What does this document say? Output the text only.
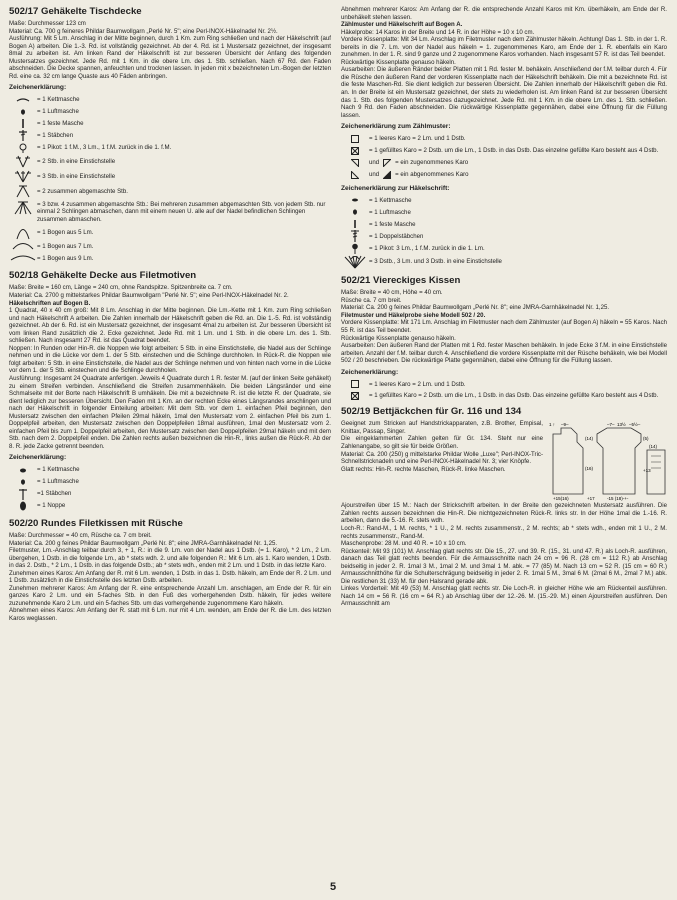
502/17 Gehäkelte Tischdecke

Maße: Durchmesser 123 cm

Material: Ca. 700 g feineres Phildar Baumwollgarn „Perlé Nr. 5"; eine Perl-INOX-Häkelnadel Nr. 2½.

Ausführung: Mit 5 Lm. Anschlag in der Mitte beginnen, durch 1 Km. zum Ring schließen und nach der Häkelschrift (auf Bogen A) arbeiten. Die 1.-3. Rd. ist vollständig gezeichnet. Ab der 4. Rd. ist 1 Mustersatz gezeichnet, der insgesamt 8mal zu arbeiten ist. Am linken Rand der Häkelschrift ist zur besseren Übersicht der Anfang des folgenden Mustersatzes gezeichnet. Jede Rd. mit 1 Km. in die obere Lm. des 1. Stb. schließen. Nach 67 Rd. den Faden abschneiden. Die Decke spannen, anfeuchten und trocknen lassen. In jeden mit x bezeichneten Lm.-Bogen der letzten Rd. eine ca. 32 cm lange Quaste aus 40 Fäden anbringen.

Zeichenerklärung:
= 1 Kettmasche
= 1 Luftmasche
= 1 feste Masche
= 1 Stäbchen
= 1 Pikot: 1 f.M., 3 Lm., 1 f.M. zurück in die 1. f.M.
= 2 Stb. in eine Einstichstelle
= 3 Stb. in eine Einstichstelle
= 2 zusammen abgemaschte Stb.
= 3 bzw. 4 zusammen abgemaschte Stb.: Bei mehreren zusammen abgemaschten Stb. von jedem Stb. nur einmal 2 Schlingen abmaschen, dann mit einem neuen U. alle auf der Nadel befindlichen Schlingen zusammen abmaschen.
= 1 Bogen aus 5 Lm.
= 1 Bogen aus 7 Lm.
= 1 Bogen aus 9 Lm.
502/18 Gehäkelte Decke aus Filetmotiven

Maße: Breite = 160 cm, Länge = 240 cm, ohne Randspitze. Spitzenbreite ca. 7 cm.

Material: Ca. 2700 g mittelstarkes Phildar Baumwollgarn "Perlé Nr. 5"; eine Perl-INOX-Häkelnadel Nr. 2.

Häkelschriften auf Bogen B.

1 Quadrat, 40 x 40 cm groß: Mit 8 Lm. Anschlag in der Mitte beginnen. Die Lm.-Kette mit 1 Km. zum Ring schließen und nach Häkelschrift A arbeiten. Die Zahlen innerhalb der Häkelschrift geben die Rd. an. Die 1.-5. Rd. ist vollständig gezeichnet. Ab der 6. Rd. ist ein Mustersatz gezeichnet, der insgesamt 4mal zu arbeiten ist. Zur besseren Übersicht ist vom linken Rand zusätzlich die 2. Ecke gezeichnet. Jede Rd. mit 1 Lm. und 1 Stb. in die obere Lm. des 1. Stb. schließen. Nach insgesamt 27 Rd. ist das Quadrat beendet.

Noppen: In Runden oder Hin-R. die Noppen wie folgt arbeiten: 5 Stb. in eine Einstichstelle, die Nadel aus der Schlinge nehmen und in die Lücke vor dem 1. der 5 Stb. einstechen und die Schlinge durchholen. In Rück-R. die Noppen wie folgt arbeiten: 5 Stb. in eine Einstichstelle, die Nadel aus der Schlinge nehmen und von hinten nach vorne in die Lücke vor dem 1. der 5 Stb. einstechen und die Schlinge durchholen.

Ausführung: Insgesamt 24 Quadrate anfertigen. Jeweils 4 Quadrate durch 1 R. fester M. (auf der linken Seite gehäkelt) zu einem Streifen verbinden. Anschließend die Streifen zusammenhäkeln. Die beiden Längsränder und eine Schmalseite mit der Borte nach Häkelschrift B umhäkeln. Die mit a bezeichnete R. ist die letzte R. der Quadrate, sie dient lediglich zur besseren Übersicht. Den Faden mit 1 Km. an der rechten Ecke eines Längsrandes anschlingen und nach der Häkelschrift in folgender Einteilung arbeiten: Mit dem Stb. vor dem 1. einfachen Pfeil beginnen, den Mustersatz zwischen den einfachen Pfeilen 29mal häkeln, 1mal den Mustersatz vom 2. einfachen Pfeil bis zum 1. Doppelpfeil arbeiten, den Mustersatz zwischen den Doppelpfeilen 18mal ausführen, 1mal den Mustersatz vom 2. einfachen Pfeil bis zum 1. Doppelpfeil arbeiten, den Mustersatz zwischen den Doppelpfeilen 29mal häkeln und mit dem Stb. nach dem 2. Doppelpfeil enden. Die Zahlen rechts außen bezeichnen die Hin-R., links außen die Rück-R. Ab der 8. R. jede Zacke getrennt beenden.

Zeichenerklärung:
= 1 Kettmasche
= 1 Luftmasche
=1 Stäbchen
= 1 Noppe
502/20 Rundes Filetkissen mit Rüsche

Maße: Durchmesser = 40 cm, Rüsche ca. 7 cm breit.

Material: Ca. 200 g feines Phildar Baumwollgarn „Perlé Nr. 8"; eine JMRA-Garnhäkelnadel Nr. 1,25.

Filetmuster, Lm.-Anschlag teilbar durch 3, + 1, R.: in die 9. Lm. von der Nadel aus 1 Dstb. (= 1. Karo), * 2 Lm., 2 Lm. übergehen, 1 Dstb. in die folgende Lm., ab * stets wdh. 2. und alle folgenden R.: Mit 6 Lm. als 1. Karo wenden, 1 Dstb. in das 2. Dstb., * 2 Lm., 1 Dstb. in das folgende Dstb.; ab * stets wdh., enden mit 2 Lm. und 1 Dstb. in das letzte Karo.

Zunehmen eines Karos: Am Anfang der R. mit 6 Lm. wenden, 1 Dstb. in das 1. Dstb. häkeln, am Ende der R. 2 Lm. und 1 Dstb. zusätzlich in die Einstichstelle des letzten Dstb. arbeiten.

Zunehmen mehrerer Karos: Am Anfang der R. eine entsprechende Anzahl Lm. anschlagen, am Ende der R. für ein ganzes Karo 2 Lm. und ein 5-faches Stb. in den Fuß des vorhergehenden Dstb. häkeln, für jedes weitere zuzunehmende Karo 2 Lm. und ein 5-faches Stb. um das vorhergehende zugenommene Karo häkeln.

Abnehmen eines Karos: Am Anfang der R. statt mit 6 Lm. nur mit 4 Lm. wenden, am Ende der R. die Lm. des letzten Karos weglassen.

Abnehmen mehrerer Karos: Am Anfang der R. die entsprechende Anzahl Karos mit Km. überhäkeln, am Ende der R. unbehäkelt stehen lassen.

Zählmuster und Häkelschrift auf Bogen A.

Häkelprobe: 14 Karos in der Breite und 14 R. in der Höhe = 10 x 10 cm.

Vordere Kissenplatte: Mit 34 Lm. Anschlag im Filetmuster nach dem Zählmuster häkeln. Achtung! Das 1. Stb. in der 1. R. bereits in die 7. Lm. von der Nadel aus häkeln = 1. zugenommenes Karo, am Ende der 1. R. ebenfalls ein Karo zunehmen. In der 1. R. sind 9 ganze und 2 zugenommene Karos vorhanden. Nach insgesamt 57 R. ist das Teil beendet.

Rückwärtige Kissenplatte genauso häkeln.

Ausarbeiten: Die äußeren Ränder beider Platten mit 1 Rd. fester M. behäkeln. Anschließend der f.M. teilbar durch 4. Für die Rüsche den äußeren Rand der vorderen Kissenplatte nach der Häkelschrift behäkeln. Die mit a bezeichnete Rd. ist die feste Maschen-Rd. Sie dient lediglich zur besseren Übersicht. Die Zahlen innerhalb der Häkelschrift geben die Rd. an. In der Breite ist ein Mustersatz gezeichnet, der stets zu wiederholen ist. Am linken Rand ist zur besseren Übersicht das 1. Stb. des folgenden Mustersatzes dazugezeichnet. Jede Rd. mit 1 Km. in die obere Lm. des 1. Stb. schließen. Nach 9 Rd. den Faden abschneiden. Die rückwärtige Kissenplatte gegennähen, dabei eine Öffnung für die Füllung lassen.

Zeichenerklärung zum Zählmuster:
= 1 leeres Karo = 2 Lm. und 1 Dstb.
= 1 gefülltes Karo = 2 Dstb. um die Lm., 1 Dstb. in das Dstb. Das einzelne gefüllte Karo besteht aus 4 Dstb.
und	= ein zugenommenes Karo
und	= ein abgenommenes Karo
Zeichenerklärung zur Häkelschrift:
= 1 Kettmasche
= 1 Luftmasche
= 1 feste Masche
= 1 Doppelstäbchen
= 1 Pikot: 3 Lm., 1 f.M. zurück in die 1. Lm.
= 3 Dstb., 3 Lm. und 3 Dstb. in eine Einstichstelle
502/21 Viereckiges Kissen

Maße: Breite = 40 cm, Höhe = 40 cm.

Rüsche ca. 7 cm breit.

Material: Ca. 200 g feines Phildar Baumwollgarn „Perlé Nr. 8"; eine JMRA-Garnhäkelnadel Nr. 1,25.

Filetmuster und Häkelprobe siehe Modell 502 / 20.

Vordere Kissenplatte: Mit 171 Lm. Anschlag im Filetmuster nach dem Zählmuster (auf Bogen A) häkeln = 55 Karos. Nach 55 R. ist das Teil beendet.

Rückwärtige Kissenplatte genauso häkeln.

Ausarbeiten: Den äußeren Rand der Platten mit 1 Rd. fester Maschen behäkeln. In jede Ecke 3 f.M. in eine Einstichstelle arbeiten. Anzahl der f.M. teilbar durch 4. Anschließend die vordere Kissenplatte mit der Rüsche behäkeln, wie bei Modell 502 / 20 beschrieben. Die rückwärtige Platte gegennähen, dabei eine Öffnung für die Füllung lassen.

Zeichenerklärung:
= 1 leeres Karo = 2 Lm. und 1 Dstb.
= 1 gefülltes Karo = 2 Dstb. um die Lm., 1 Dstb. in das Dstb. Das einzeine gefüllte Karo besteht aus 4 Dstb.
502/19 Bettjäckchen für Gr. 116 und 134

Geeignet zum Stricken auf Handstrickapparaten, z.B. Brother, Empisal, Knittax, Passap, Singer.

Die eingeklammerten Zahlen gelten für Gr. 134. Steht nur eine Zahlenangabe, so gilt sie für beide Größen.

Material: Ca. 200 (250) g mittelstarke Phildar Wolle „Luxe"; Perl-INOX-Tric-Schnellstricknadeln und eine Perl-INOX-Häkelnadel Nr. 3; vier Knöpfe.

Glatt rechts: Hin-R. rechte Maschen, Rück-R. linke Maschen.

1 ↑ –9–	–7– 13½ –5½–
(14)	(5)
(16)	+13
(14)
+15(16)	+17	-15 (18)-+-

Ajourstreifen über 15 M.: Nach der Strickschrift arbeiten. In der Breite den gezeichneten Mustersatz ausführen. Die Zahlen rechts aussen bezeichnen die Hin-R. Die nichtgezeichneten Rück-R. links str. In der Höhe 1mal die 1.-16. R. arbeiten, dann die 5.-16. R. stets wdh.

Loch-R.: Rand-M., 1 M. rechts, * 1 U., 2 M. rechts zusammenstr., 2 M. rechts; ab * stets wdh., enden mit 1 U., 2 M. rechts zusammenstr., Rand-M.

Maschenprobe: 28 M. und 40 R. = 10 x 10 cm.

Rückenteil: Mit 93 (101) M. Anschlag glatt rechts str. Die 15., 27. und 39. R. (15., 31. und 47. R.) als Loch-R. ausführen, danach das Teil glatt rechts beenden. Für die Armausschnitte nach 24 cm = 96 R. (28 cm = 112 R.) ab Anschlag beidseitig in jeder 2. R. 1mal 3 M., 1mal 2 M. und 3mal 1 M. abk. = 77 (85) M. Nach 13 cm = 52 R. (15 cm = 60 R.) Armausschnitthöhe für die Schulterschrägung beidseitig in jeder 2. R. 1mal 5 M., 3mal 6 M. (2mal 6 M., 2mal 7 M.) abk. Die restlichen 31 (33) M. für den Halsrand gerade abk.

Linkes Vorderteil: Mit 49 (53) M. Anschlag glatt rechts str. Die Loch-R. in gleicher Höhe wie am Rückenteil ausführen. Nach 14 cm = 56 R. (16 cm = 64 R.) ab Anschlag über der 12.-26. M. (15.-29. M.) einen Ajourstreifen ausführen. Den Armausschnitt am

5
